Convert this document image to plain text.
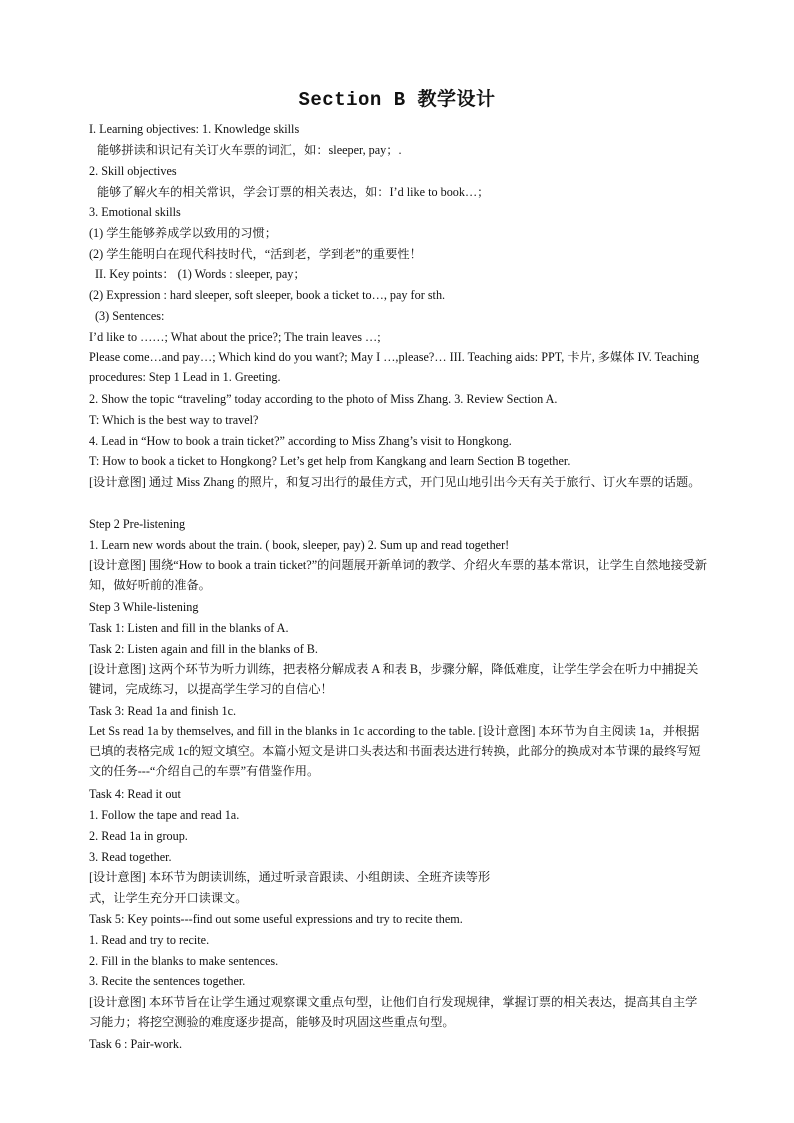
Section B 教学设计
I. Learning objectives: 1. Knowledge skills
能够拼读和识记有关订火车票的词汇，如：sleeper, pay；.
2. Skill objectives
能够了解火车的相关常识，学会订票的相关表达，如：I’d like to book…；
3. Emotional skills
(1) 学生能够养成学以致用的习惯；
(2) 学生能明白在现代科技时代，“活到老，学到老”的重要性！
II. Key points： (1) Words : sleeper, pay；
(2) Expression : hard sleeper, soft sleeper, book a ticket to…, pay for sth.
(3) Sentences:
I’d like to ……; What about the price?; The train leaves …;
Please come…and pay…; Which kind do you want?; May I …,please?… III. Teaching aids: PPT, 卡片, 多媒体 IV. Teaching procedures: Step 1 Lead in 1. Greeting.
2. Show the topic “traveling” today according to the photo of Miss Zhang. 3. Review Section A.
T: Which is the best way to travel?
4. Lead in “How to book a train ticket?” according to Miss Zhang’s visit to Hongkong.
T: How to book a ticket to Hongkong? Let’s get help from Kangkang and learn Section B together.
[设计意图] 通过 Miss Zhang 的照片，和复习出行的最佳方式，开门见山地引出今天有关于旅行、订火车票的话题。
Step 2 Pre-listening
1. Learn new words about the train. ( book, sleeper, pay) 2. Sum up and read together!
[设计意图] 围绕“How to book a train ticket?”的问题展开新单词的教学、介绍火车票的基本常识，让学生自然地接受新知，做好听前的准备。
Step 3 While-listening
Task 1: Listen and fill in the blanks of A.
Task 2: Listen again and fill in the blanks of B.
[设计意图] 这两个环节为听力训练，把表格分解成表 A 和表 B，步骤分解，降低难度，让学生学会在听力中捕捉关键词，完成练习，以提高学生学习的自信心！
Task 3: Read 1a and finish 1c.
Let Ss read 1a by themselves, and fill in the blanks in 1c according to the table. [设计意图] 本环节为自主阅读 1a，并根据已填的表格完成 1c的短文填空。本篇小短文是讲口头表达和书面表达进行转换，此部分的换成对本节课的最终写短文的任务---“介绍自己的车票”有借鉴作用。
Task 4: Read it out
1. Follow the tape and read 1a.
2. Read 1a in group.
3. Read together.
[设计意图] 本环节为朗读训练，通过听录音跟读、小组朗读、全班齐读等形
式，让学生充分开口读课文。
Task 5: Key points---find out some useful expressions and try to recite them.
1. Read and try to recite.
2. Fill in the blanks to make sentences.
3. Recite the sentences together.
[设计意图] 本环节旨在让学生通过观察课文重点句型，让他们自行发现规律，掌握订票的相关表达，提高其自主学习能力；将挖空测验的难度逐步提高，能够及时巩固这些重点句型。
Task 6 : Pair-work.
